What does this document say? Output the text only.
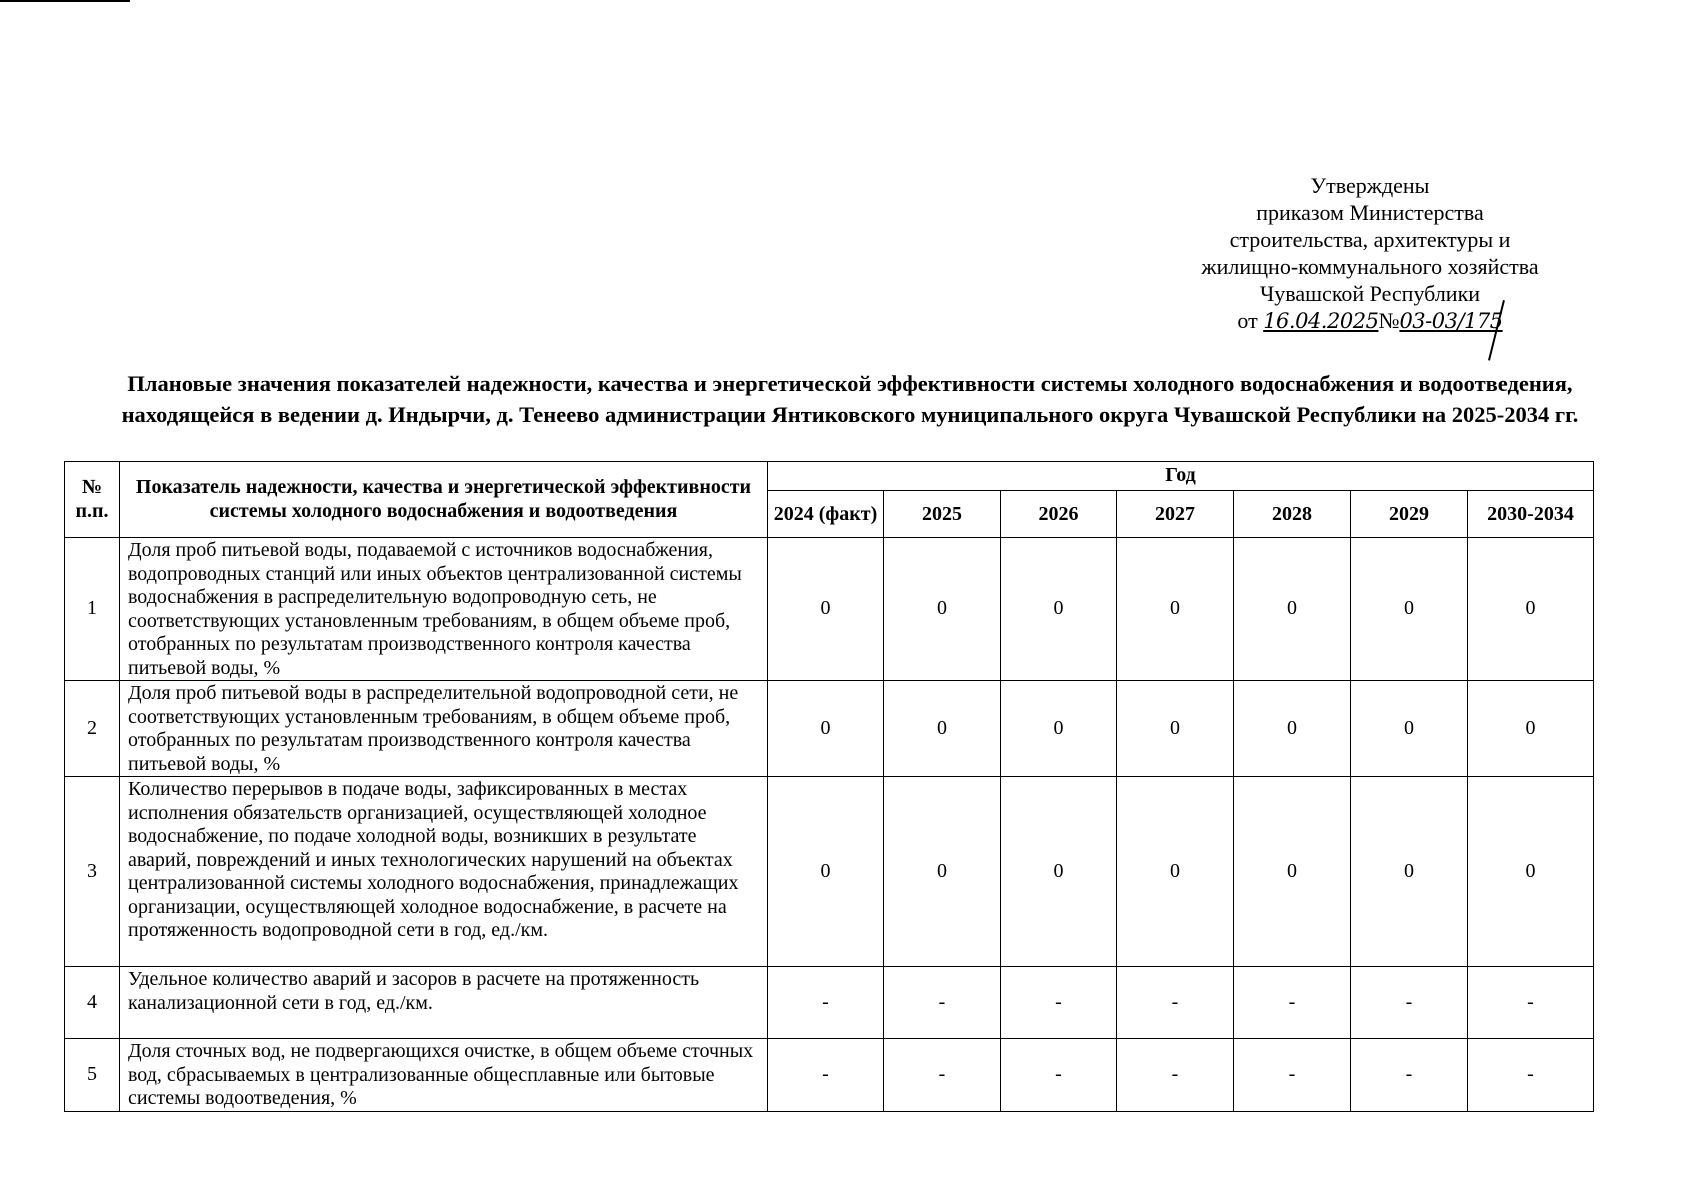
Утверждены
приказом Министерства
строительства, архитектуры и
жилищно-коммунального хозяйства
Чувашской Республики
от 16.04.2025№03-03/175
Плановые значения показателей надежности, качества и энергетической эффективности системы холодного водоснабжения и водоотведения, находящейся в ведении д. Индырчи, д. Тенеево администрации Янтиковского муниципального округа Чувашской Республики на 2025-2034 гг.
№ п.п.	Показатель надежности, качества и энергетической эффективности системы холодного водоснабжения и водоотведения	Год						
		2024 (факт)	2025	2026	2027	2028	2029	2030-2034
1	Доля проб питьевой воды, подаваемой с источников водоснабжения, водопроводных станций или иных объектов централизованной системы водоснабжения в распределительную водопроводную сеть, не соответствующих установленным требованиям, в общем объеме проб, отобранных по результатам производственного контроля качества питьевой воды, %	0	0	0	0	0	0	0
2	Доля проб питьевой воды в распределительной водопроводной сети, не соответствующих установленным требованиям, в общем объеме проб, отобранных по результатам производственного контроля качества питьевой воды, %	0	0	0	0	0	0	0
3	Количество перерывов в подаче воды, зафиксированных в местах исполнения обязательств организацией, осуществляющей холодное водоснабжение, по подаче холодной воды, возникших в результате аварий, повреждений и иных технологических нарушений на объектах централизованной системы холодного водоснабжения, принадлежащих организации, осуществляющей холодное водоснабжение, в расчете на протяженность водопроводной сети в год, ед./км.	0	0	0	0	0	0	0
4	Удельное количество аварий и засоров в расчете на протяженность канализационной сети в год, ед./км.	-	-	-	-	-	-	-
5	Доля сточных вод, не подвергающихся очистке, в общем объеме сточных вод, сбрасываемых в централизованные общесплавные или бытовые системы водоотведения, %	-	-	-	-	-	-	-
